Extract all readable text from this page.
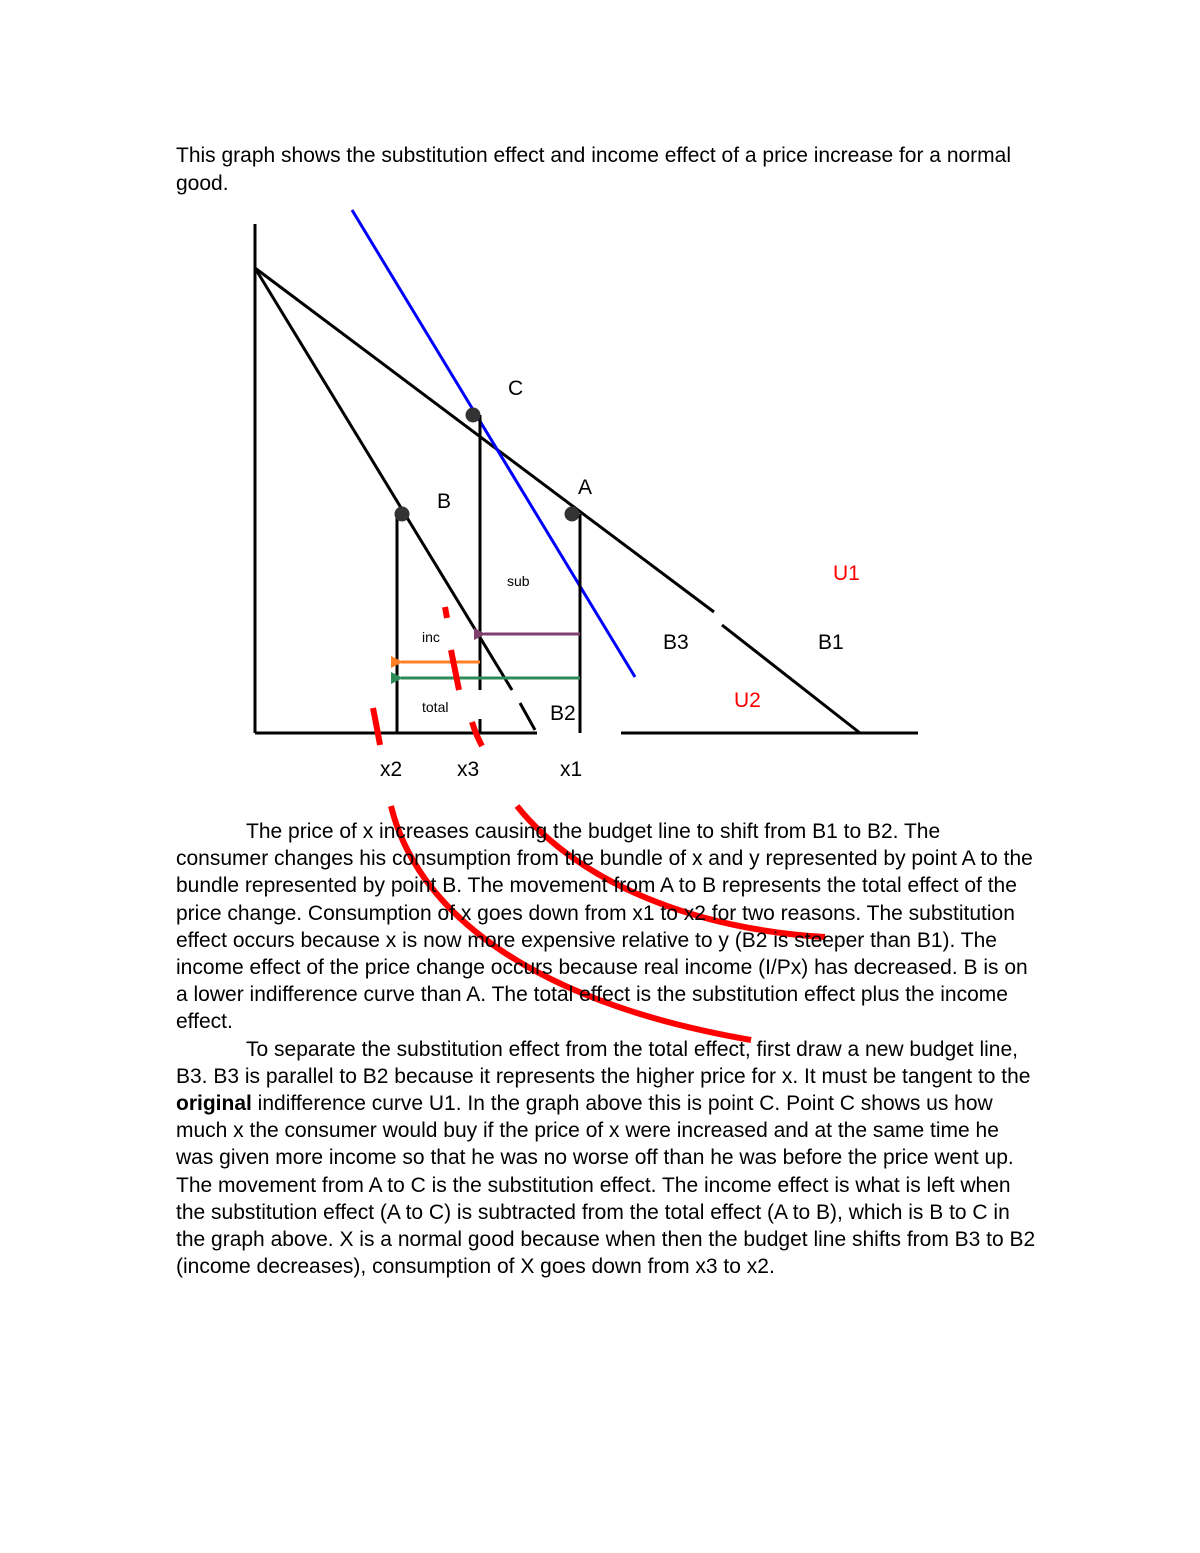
This graph shows the substitution effect and income effect of a price increase for a normal good.

C
A
B
sub
inc
total
B3	B1
B2
U1
U2
x2	x3	x1

The price of x increases causing the budget line to shift from B1 to B2. The consumer changes his consumption from the bundle of x and y represented by point A to the bundle represented by point B. The movement from A to B represents the total effect of the price change. Consumption of x goes down from x1 to x2 for two reasons. The substitution effect occurs because x is now more expensive relative to y (B2 is steeper than B1). The income effect of the price change occurs because real income (I/Px) has decreased. B is on a lower indifference curve than A. The total effect is the substitution effect plus the income effect.

To separate the substitution effect from the total effect, first draw a new budget line, B3. B3 is parallel to B2 because it represents the higher price for x. It must be tangent to the original indifference curve U1. In the graph above this is point C. Point C shows us how much x the consumer would buy if the price of x were increased and at the same time he was given more income so that he was no worse off than he was before the price went up. The movement from A to C is the substitution effect. The income effect is what is left when the substitution effect (A to C) is subtracted from the total effect (A to B), which is B to C in the graph above. X is a normal good because when then the budget line shifts from B3 to B2 (income decreases), consumption of X goes down from x3 to x2.
